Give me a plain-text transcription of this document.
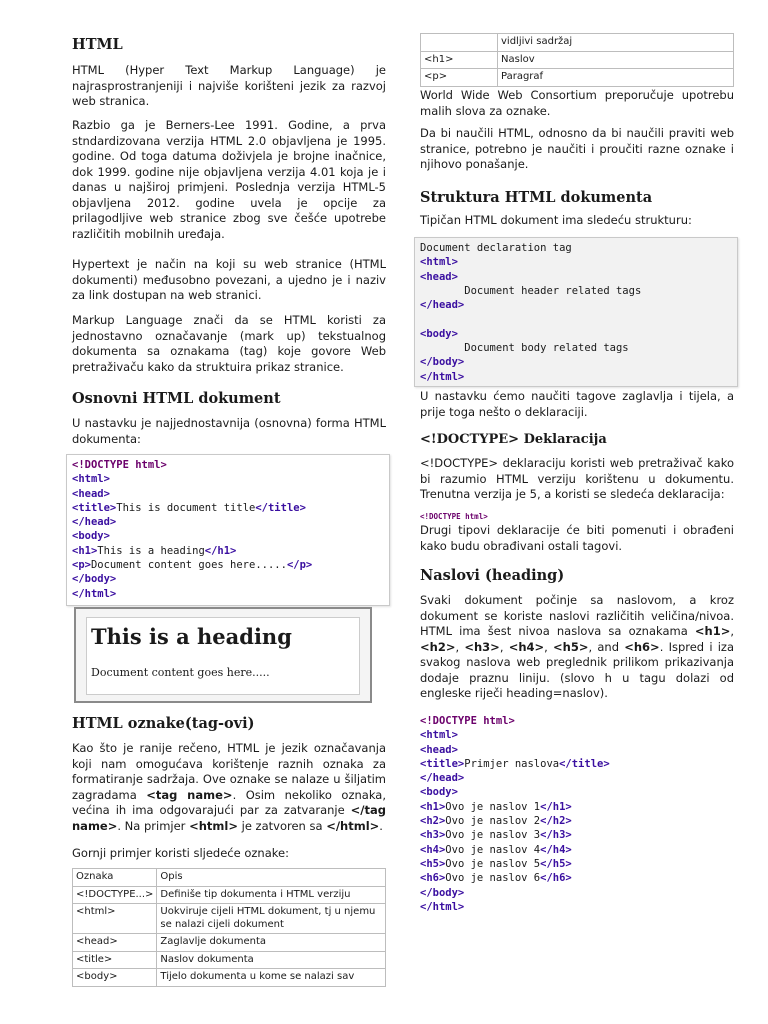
HTML

HTML (Hyper Text Markup Language) je najrasprostranjeniji i najviše korišteni jezik za razvoj web stranica.

Razbio ga je Berners-Lee 1991. Godine, a prva stndardizovana verzija HTML 2.0 objavljena je 1995. godine. Od toga datuma doživjela je brojne inačnice, dok 1999. godine nije objavljena verzija 4.01 koja je i danas u najširoj primjeni. Poslednja verzija HTML-5 objavljena 2012. godine uvela je opcije za prilagodljive web stranice zbog sve češće upotrebe različitih mobilnih uređaja.

Hypertext je način na koji su web stranice (HTML dokumenti) međusobno povezani, a ujedno je i naziv za link dostupan na web stranici.

Markup Language znači da se HTML koristi za jednostavno označavanje (mark up) tekstualnog dokumenta sa oznakama (tag) koje govore Web pretraživaču kako da struktuira prikaz stranice.

Osnovni HTML dokument

U nastavku je najjednostavnija (osnovna) forma HTML dokumenta:

<!DOCTYPE html>
<html>
<head>
<title>This is document title</title>
</head>
<body>
<h1>This is a heading</h1>
<p>Document content goes here.....</p>
</body>
</html>
This is a heading
Document content goes here.....
HTML oznake(tag-ovi)

Kao što je ranije rečeno, HTML je jezik označavanja koji nam omogućava korištenje raznih oznaka za formatiranje sadržaja. Ove oznake se nalaze u šiljatim zagradama <tag name>. Osim nekoliko oznaka, većina ih ima odgovarajući par za zatvaranje </tag name>. Na primjer <html> je zatvoren sa </html>.

Gornji primjer koristi sljedeće oznake:

Oznaka	Opis
<!DOCTYPE...>	Definiše tip dokumenta i HTML verziju
<html>	Uokviruje cijeli HTML dokument, tj u njemu se nalazi cijeli dokument
<head>	Zaglavlje dokumenta
<title>	Naslov dokumenta
<body>	Tijelo dokumenta u kome se nalazi sav
	vidljivi sadržaj
<h1>	Naslov
<p>	Paragraf

World Wide Web Consortium preporučuje upotrebu malih slova za oznake.

Da bi naučili HTML, odnosno da bi naučili praviti web stranice, potrebno je naučiti i proučiti razne oznake i njihovo ponašanje.

Struktura HTML dokumenta

Tipičan HTML dokument ima sledeću strukturu:

Document declaration tag
<html>
<head>
Document header related tags
</head>

<body>
Document body related tags
</body>
</html>

U nastavku ćemo naučiti tagove zaglavlja i tijela, a prije toga nešto o deklaraciji.

<!DOCTYPE> Deklaracija

<!DOCTYPE> deklaraciju koristi web pretraživač kako bi razumio HTML verziju korištenu u dokumentu. Trenutna verzija je 5, a koristi se sledeća deklaracija:

<!DOCTYPE html>

Drugi tipovi deklaracije će biti pomenuti i obrađeni kako budu obrađivani ostali tagovi.

Naslovi (heading)

Svaki dokument počinje sa naslovom, a kroz dokument se koriste naslovi različitih veličina/nivoa. HTML ima šest nivoa naslova sa oznakama <h1>, <h2>, <h3>, <h4>, <h5>, and <h6>. Ispred i iza svakog naslova web preglednik prilikom prikazivanja dodaje praznu liniju. (slovo h u tagu dolazi od engleske riječi heading=naslov).

<!DOCTYPE html>
<html>
<head>
<title>Primjer naslova</title>
</head>
<body>
<h1>Ovo je naslov 1</h1>
<h2>Ovo je naslov 2</h2>
<h3>Ovo je naslov 3</h3>
<h4>Ovo je naslov 4</h4>
<h5>Ovo je naslov 5</h5>
<h6>Ovo je naslov 6</h6>
</body>
</html>
